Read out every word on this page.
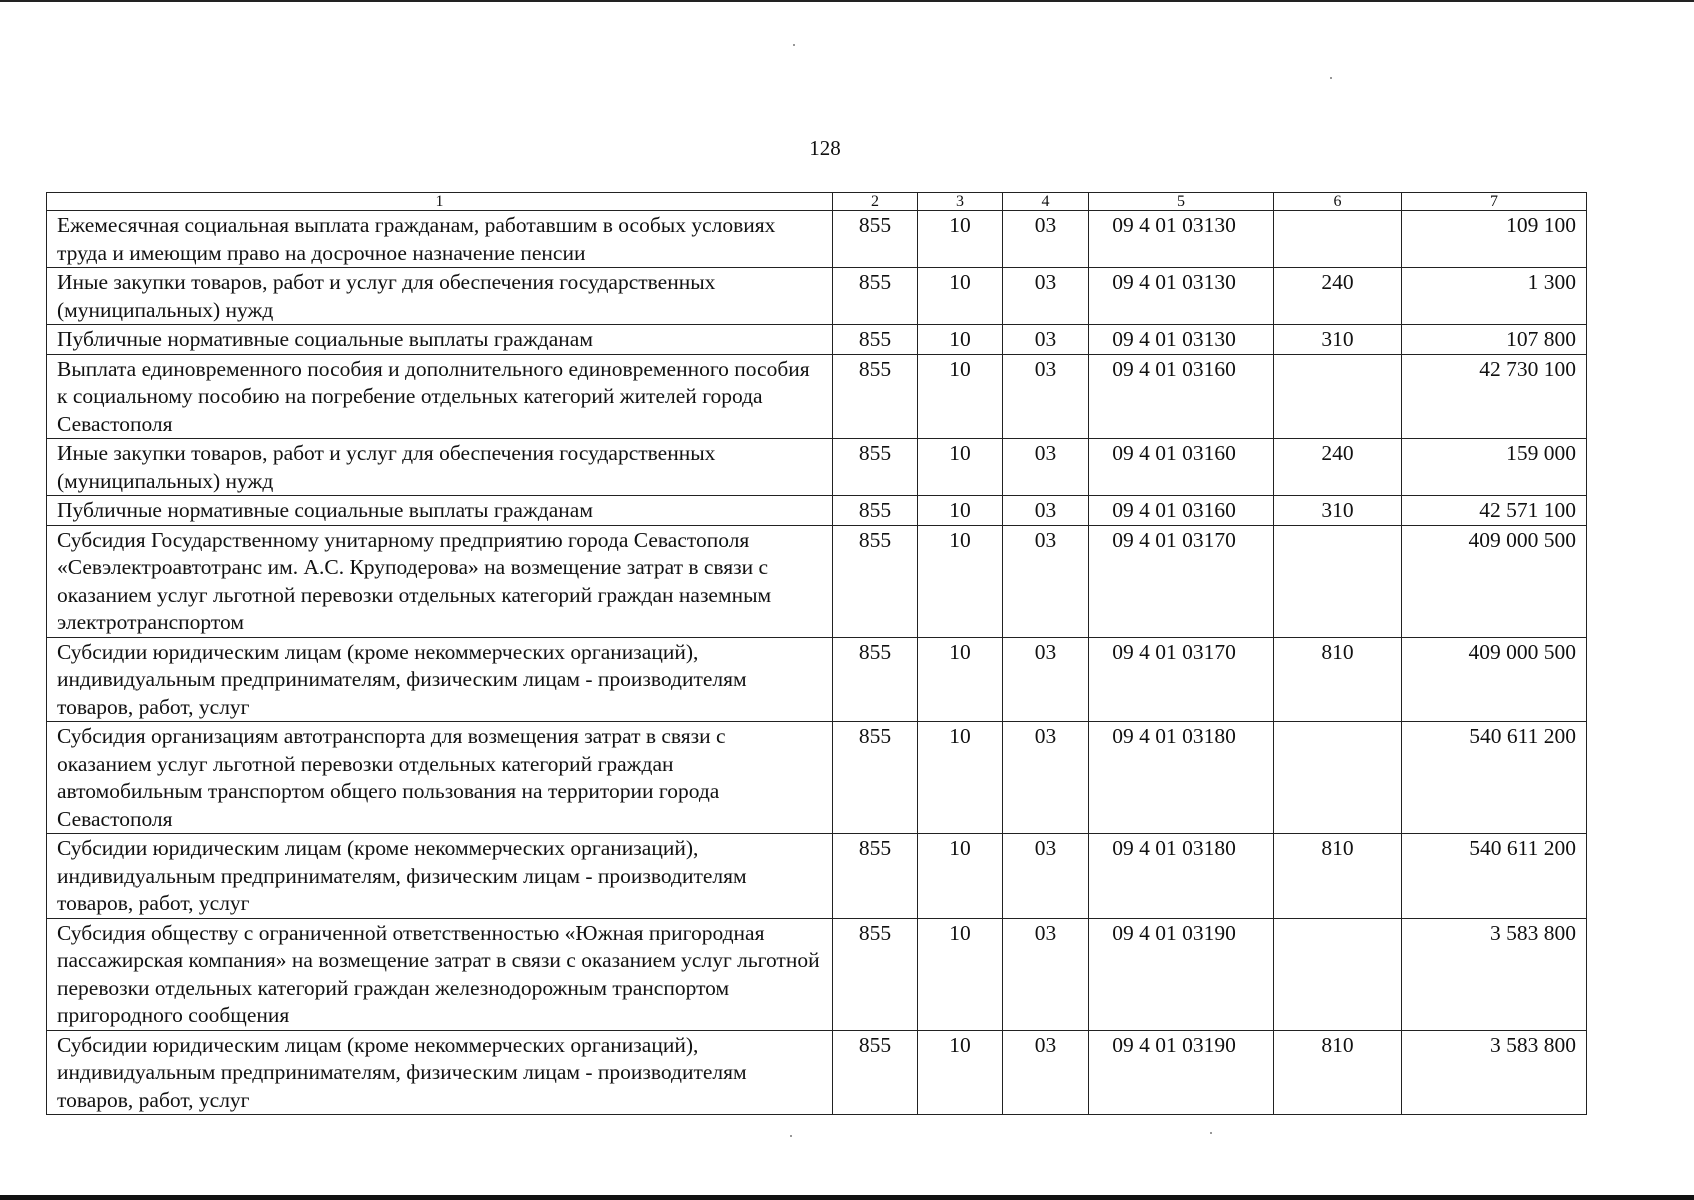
128
1	2	3	4	5	6	7
Ежемесячная социальная выплата гражданам, работавшим в особых условиях труда и имеющим право на досрочное назначение пенсии	855	10	03	09 4 01 03130		109 100
Иные закупки товаров, работ и услуг для обеспечения государственных (муниципальных) нужд	855	10	03	09 4 01 03130	240	1 300
Публичные нормативные социальные выплаты гражданам	855	10	03	09 4 01 03130	310	107 800
Выплата единовременного пособия и дополнительного единовременного пособия к социальному пособию на погребение отдельных категорий жителей города Севастополя	855	10	03	09 4 01 03160		42 730 100
Иные закупки товаров, работ и услуг для обеспечения государственных (муниципальных) нужд	855	10	03	09 4 01 03160	240	159 000
Публичные нормативные социальные выплаты гражданам	855	10	03	09 4 01 03160	310	42 571 100
Субсидия Государственному унитарному предприятию города Севастополя «Севэлектроавтотранс им. А.С. Круподерова» на возмещение затрат в связи с оказанием услуг льготной перевозки отдельных категорий граждан наземным электротранспортом	855	10	03	09 4 01 03170		409 000 500
Субсидии юридическим лицам (кроме некоммерческих организаций), индивидуальным предпринимателям, физическим лицам - производителям товаров, работ, услуг	855	10	03	09 4 01 03170	810	409 000 500
Субсидия организациям автотранспорта для возмещения затрат в связи с оказанием услуг льготной перевозки отдельных категорий граждан автомобильным транспортом общего пользования на территории города Севастополя	855	10	03	09 4 01 03180		540 611 200
Субсидии юридическим лицам (кроме некоммерческих организаций), индивидуальным предпринимателям, физическим лицам - производителям товаров, работ, услуг	855	10	03	09 4 01 03180	810	540 611 200
Субсидия обществу с ограниченной ответственностью «Южная пригородная пассажирская компания» на возмещение затрат в связи с оказанием услуг льготной перевозки отдельных категорий граждан железнодорожным транспортом пригородного сообщения	855	10	03	09 4 01 03190		3 583 800
Субсидии юридическим лицам (кроме некоммерческих организаций), индивидуальным предпринимателям, физическим лицам - производителям товаров, работ, услуг	855	10	03	09 4 01 03190	810	3 583 800
